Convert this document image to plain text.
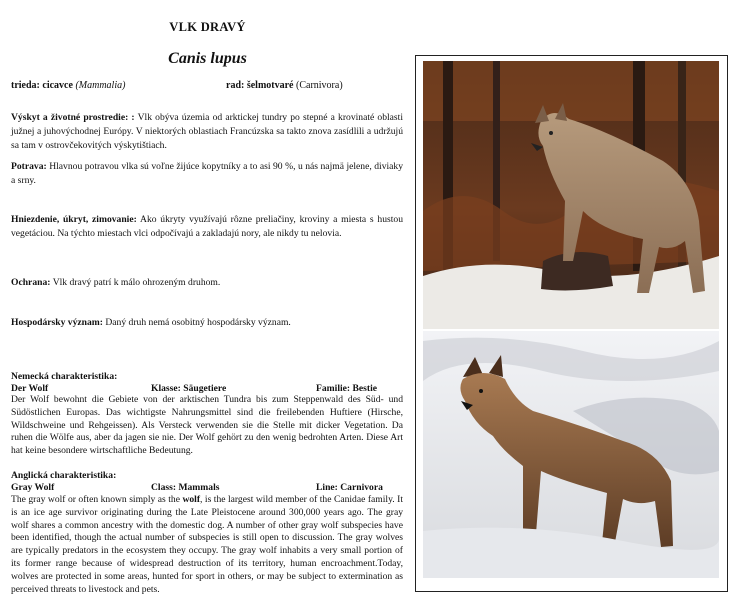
VLK DRAVÝ
Canis lupus
trieda: cicavce (Mammalia)	rad: šelmotvaré (Carnivora)
Výskyt a životné prostredie: : Vlk obýva územia od arktickej tundry po stepné a krovinaté oblasti južnej a juhovýchodnej Európy. V niektorých oblastiach Francúzska sa takto znova zasídlili a udržujú sa tam v ostrovčekovitých výskytištiach.
Potrava: Hlavnou potravou vlka sú voľne žijúce kopytníky a to asi 90 %, u nás najmä jelene, diviaky a srny.
Hniezdenie, úkryt, zimovanie: Ako úkryty využívajú rôzne preliačiny, kroviny a miesta s hustou vegetáciou. Na týchto miestach vlci odpočívajú a zakladajú nory, ale nikdy tu nelovia.
Ochrana: Vlk dravý patrí k málo ohrozeným druhom.
Hospodársky význam: Daný druh nemá osobitný hospodársky význam.
Nemecká charakteristika:
Der Wolf	Klasse: Säugetiere	Familie: Bestie
Der Wolf bewohnt die Gebiete von der arktischen Tundra bis zum Steppenwald des Süd- und Südöstlichen Europas. Das wichtigste Nahrungsmittel sind die freilebenden Huftiere (Hirsche, Wildschweine und Rehgeissen). Als Versteck verwenden sie die Stelle mit dicker Vegetation. Da ruhen die Wölfe aus, aber da jagen sie nie. Der Wolf gehört zu den wenig bedrohten Arten. Diese Art hat keine besondere wirtschaftliche Bedeutung.
Anglická charakteristika:
Gray Wolf	Class: Mammals	Line: Carnivora
The gray wolf or often known simply as the wolf, is the largest wild member of the Canidae family. It is an ice age survivor originating during the Late Pleistocene around 300,000 years ago. The gray wolf shares a common ancestry with the domestic dog. A number of other gray wolf subspecies have been identified, though the actual number of subspecies is still open to discussion. The gray wolves are typically predators in the ecosystem they occupy. The gray wolf inhabits a very small portion of its former range because of widespread destruction of its territory, human encroachment.Today, wolves are protected in some areas, hunted for sport in others, or may be subject to extermination as perceived threats to livestock and pets.
